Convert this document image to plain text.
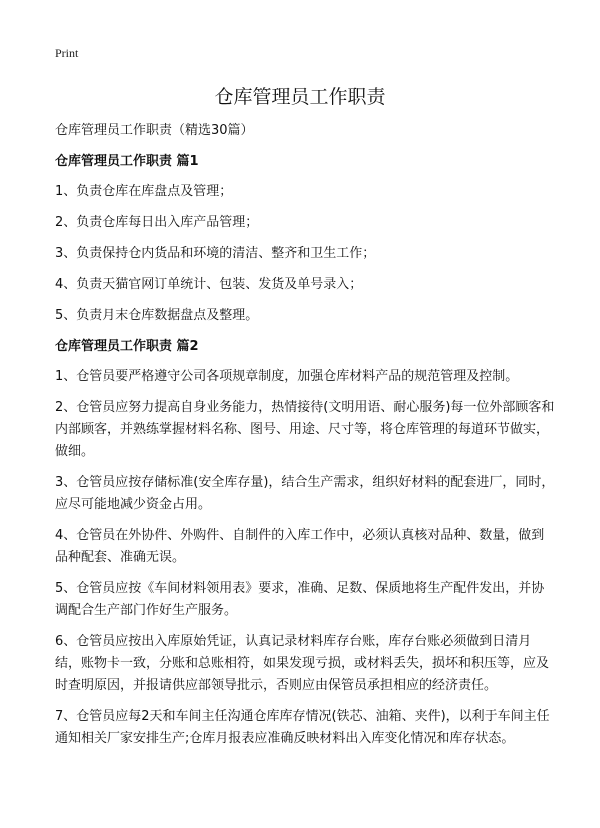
Print
仓库管理员工作职责

仓库管理员工作职责（精选30篇）

仓库管理员工作职责 篇1

1、负责仓库在库盘点及管理；

2、负责仓库每日出入库产品管理；

3、负责保持仓内货品和环境的清洁、整齐和卫生工作；

4、负责天猫官网订单统计、包装、发货及单号录入；

5、负责月末仓库数据盘点及整理。

仓库管理员工作职责 篇2

1、仓管员要严格遵守公司各项规章制度，加强仓库材料产品的规范管理及控制。

2、仓管员应努力提高自身业务能力，热情接待(文明用语、耐心服务)每一位外部顾客和内部顾客，并熟练掌握材料名称、图号、用途、尺寸等，将仓库管理的每道环节做实，做细。

3、仓管员应按存储标准(安全库存量)，结合生产需求，组织好材料的配套进厂，同时，应尽可能地减少资金占用。

4、仓管员在外协件、外购件、自制件的入库工作中，必须认真核对品种、数量，做到品种配套、准确无误。

5、仓管员应按《车间材料领用表》要求，准确、足数、保质地将生产配件发出，并协调配合生产部门作好生产服务。

6、仓管员应按出入库原始凭证，认真记录材料库存台账，库存台账必须做到日清月结，账物卡一致，分账和总账相符，如果发现亏损，或材料丢失，损坏和积压等，应及时查明原因，并报请供应部领导批示，否则应由保管员承担相应的经济责任。

7、仓管员应每2天和车间主任沟通仓库库存情况(铁芯、油箱、夹件)，以利于车间主任通知相关厂家安排生产;仓库月报表应准确反映材料出入库变化情况和库存状态。
